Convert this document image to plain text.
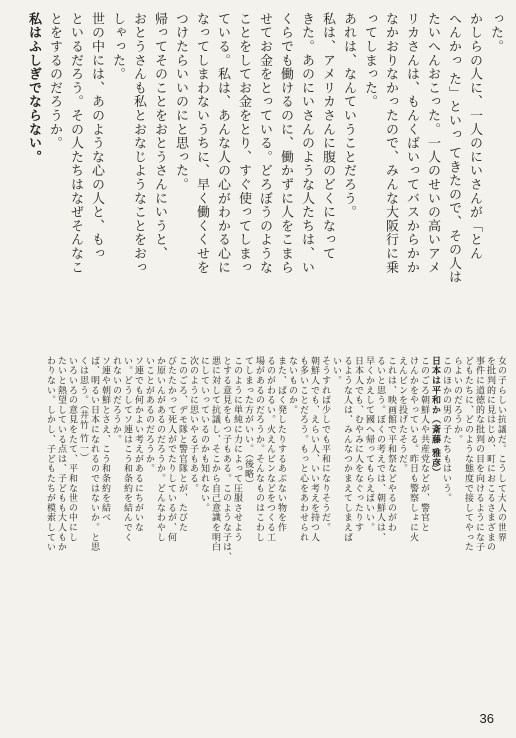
った。

かしらの人に、一人のにいさんが「とん

へんかっ た」といっ てきたので、その人は

たいへんおこった。一人のせいの高いアメ

リカさんは、もんくばいってバスからかか

なかおりなかったので、みんな大阪行に乗

ってしまった。

あれは、なんていうことだろう。

私は、アメリカさんに腹のどくになって

きた。あのにいさんのような人たちは、い

くらでも働けるのに、働かずに人をこまら

せてお金をとっている。どろぼうのような

ことをしてお金をとり、すぐ使ってしまっ

ている。私は、あんな人の心がわかる心に

なってしまわないうちに、早く働くくせを

つけたらいいのにと思った。

帰ってそのことをおとうさんにいうと、

おとうさんも私とおなじようなことをおっ

しゃった。

世の中には、あのような心の人と、もっ

といるだろう。その人たちはなぜそんなこ

とをするのだろうか。

私はふしぎでならない。

36

女の子らしい抗議だ。こうして大人の世界

を批判的に見はじめ、町におこるさまざまの

事件に道徳的な批判の目を向けるようにな子

どもたちに、どのような態度で接してやった

らよいのだろうか。

このほかの男の子たちもはいう。

日本は平和か（斎藤 雅彦）

このごろ朝鮮人や共産党などが、警官と

けんかをやっている。昨日も警察しょに火

えんビンを投げたそうだ。

これは、映画館で平和祭などやるのがわ

るいと思う。ぼくの考えでは、朝鮮人は、

早くかえして國へ帰ってもらえばいい。

日本人でも、むやみに人をなぐったりす

るような人は、みんなつかまえてしまえば

いい。

そうすれば少しでも平和になりそうだ。

朝鮮人でも、えらい人、いい考えを持つ人

も多いことだろう。もっと心をあわせられ

ないものか。

また、ばく発したりするあぶない物を作

るのがわるい。火えんビンなどをつくる工

場があるのだろうか。そんなものはこわし

てしまった方がいい。（後略）

このように単純に力によって圧服させよう

とする意見をもつ子もある。このような子は、

悪に対して抗議し、そこから自己意識を明白

にしていっているのかも知れない。

次のように思いやる子もある。

このごろ、デモ隊と警官隊とが、たびた

びたたかって死人がでたりしているが、何

か原いんがあるのだろうか。どんなわやし

いことがあるのだろうか。

ソ連でも何かよい考えがあるにちがいな

い。どうしてソ連はこう和条約を結んでく

れないのだろうか。

ソ連や朝鮮とさえ、こう和条約を結べ

ば、明るい日本になれるのではないか。と思

くは思う。（井竹 竹一）

いろいろの意見をたて、平和な世の中にし

たいと熱望している点は、子どもも大人もか

わりない。しかし、子どもたちが模索してい
